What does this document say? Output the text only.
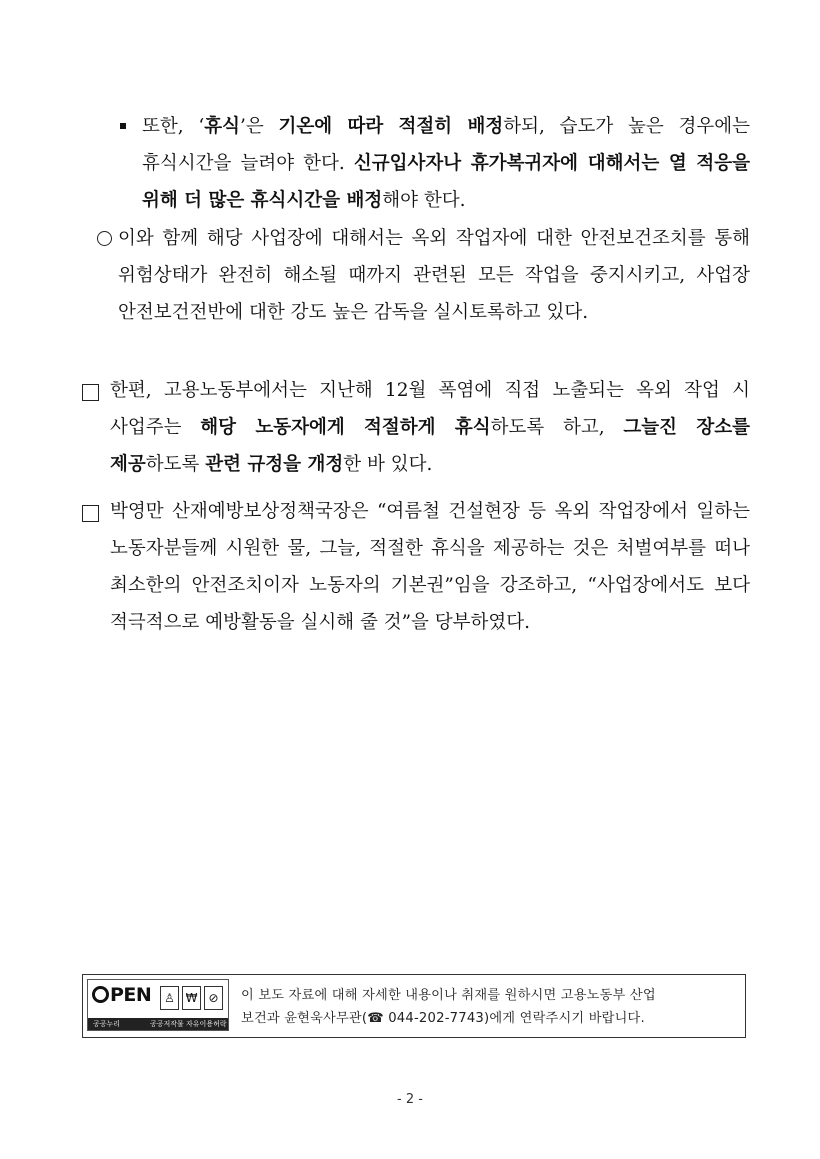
또한, ‘휴식’은 기온에 따라 적절히 배정하되, 습도가 높은 경우에는 휴식시간을 늘려야 한다. 신규입사자나 휴가복귀자에 대해서는 열 적응을 위해 더 많은 휴식시간을 배정해야 한다.
이와 함께 해당 사업장에 대해서는 옥외 작업자에 대한 안전보건조치를 통해 위험상태가 완전히 해소될 때까지 관련된 모든 작업을 중지시키고, 사업장 안전보건전반에 대한 강도 높은 감독을 실시토록하고 있다.
한편, 고용노동부에서는 지난해 12월 폭염에 직접 노출되는 옥외 작업 시 사업주는 해당 노동자에게 적절하게 휴식하도록 하고, 그늘진 장소를 제공하도록 관련 규정을 개정한 바 있다.
박영만 산재예방보상정책국장은 “여름철 건설현장 등 옥외 작업장에서 일하는 노동자분들께 시원한 물, 그늘, 적절한 휴식을 제공하는 것은 처벌여부를 떠나 최소한의 안전조치이자 노동자의 기본권”임을 강조하고, “사업장에서도 보다 적극적으로 예방활동을 실시해 줄 것”을 당부하였다.
PEN	♙ ₩ ⊘
공공누리	공공저작물 자유이용허락
이 보도 자료에 대해 자세한 내용이나 취재를 원하시면 고용노동부 산업
보건과 윤현욱사무관(☎ 044-202-7743)에게 연락주시기 바랍니다.
- 2 -
